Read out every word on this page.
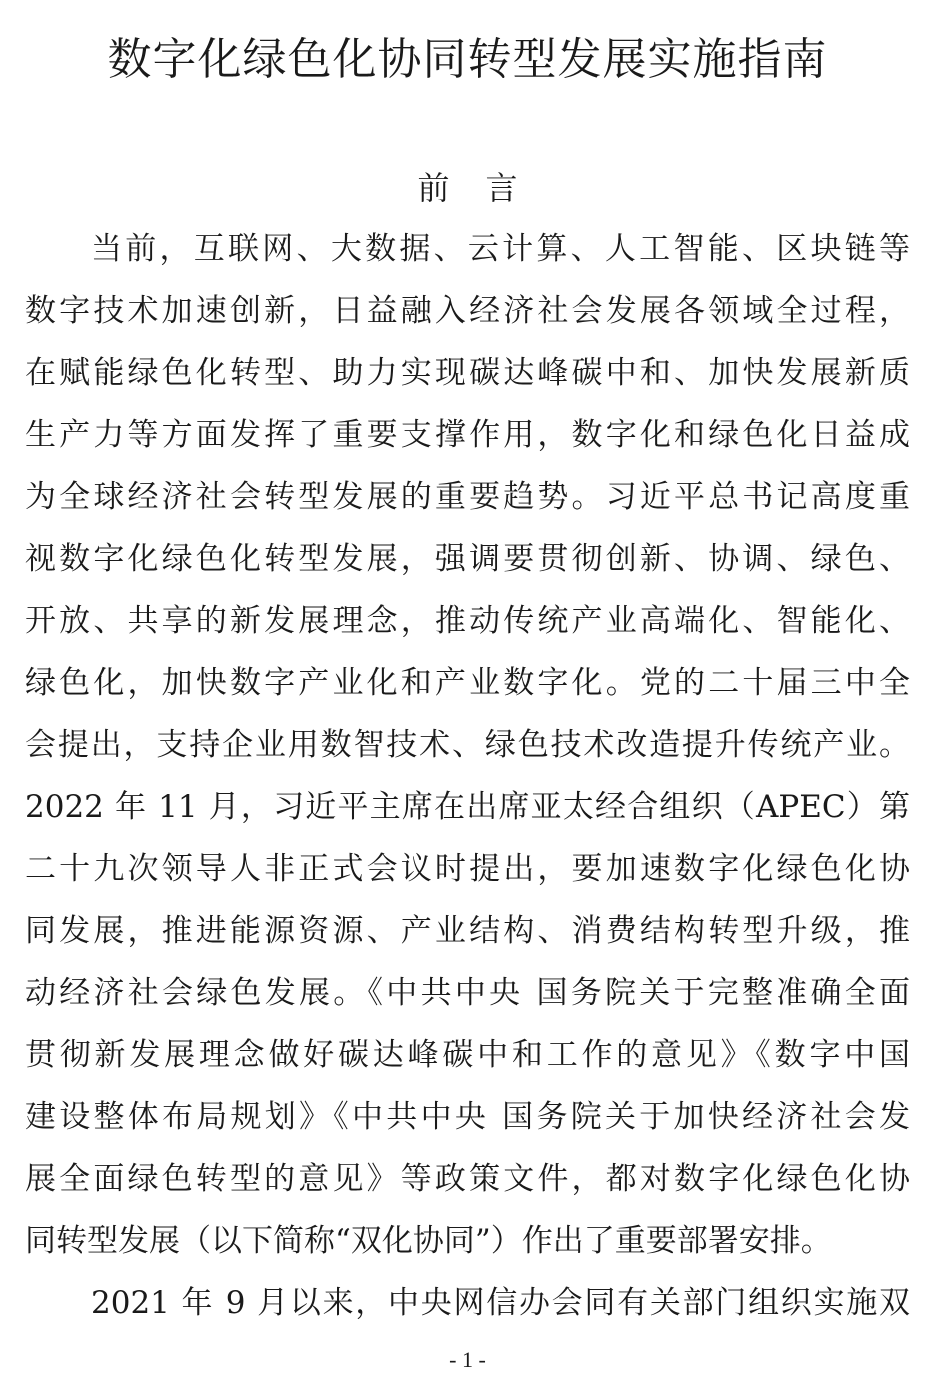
数字化绿色化协同转型发展实施指南
前 言
当前，互联网、大数据、云计算、人工智能、区块链等
数字技术加速创新，日益融入经济社会发展各领域全过程，
在赋能绿色化转型、助力实现碳达峰碳中和、加快发展新质
生产力等方面发挥了重要支撑作用，数字化和绿色化日益成
为全球经济社会转型发展的重要趋势。习近平总书记高度重
视数字化绿色化转型发展，强调要贯彻创新、协调、绿色、
开放、共享的新发展理念，推动传统产业高端化、智能化、
绿色化，加快数字产业化和产业数字化。党的二十届三中全
会提出，支持企业用数智技术、绿色技术改造提升传统产业。
2022 年 11 月，习近平主席在出席亚太经合组织（APEC）第
二十九次领导人非正式会议时提出，要加速数字化绿色化协
同发展，推进能源资源、产业结构、消费结构转型升级，推
动经济社会绿色发展。《中共中央 国务院关于完整准确全面
贯彻新发展理念做好碳达峰碳中和工作的意见》《数字中国
建设整体布局规划》《中共中央 国务院关于加快经济社会发
展全面绿色转型的意见》等政策文件，都对数字化绿色化协
同转型发展（以下简称“双化协同”）作出了重要部署安排。
2021 年 9 月以来，中央网信办会同有关部门组织实施双
- 1 -
